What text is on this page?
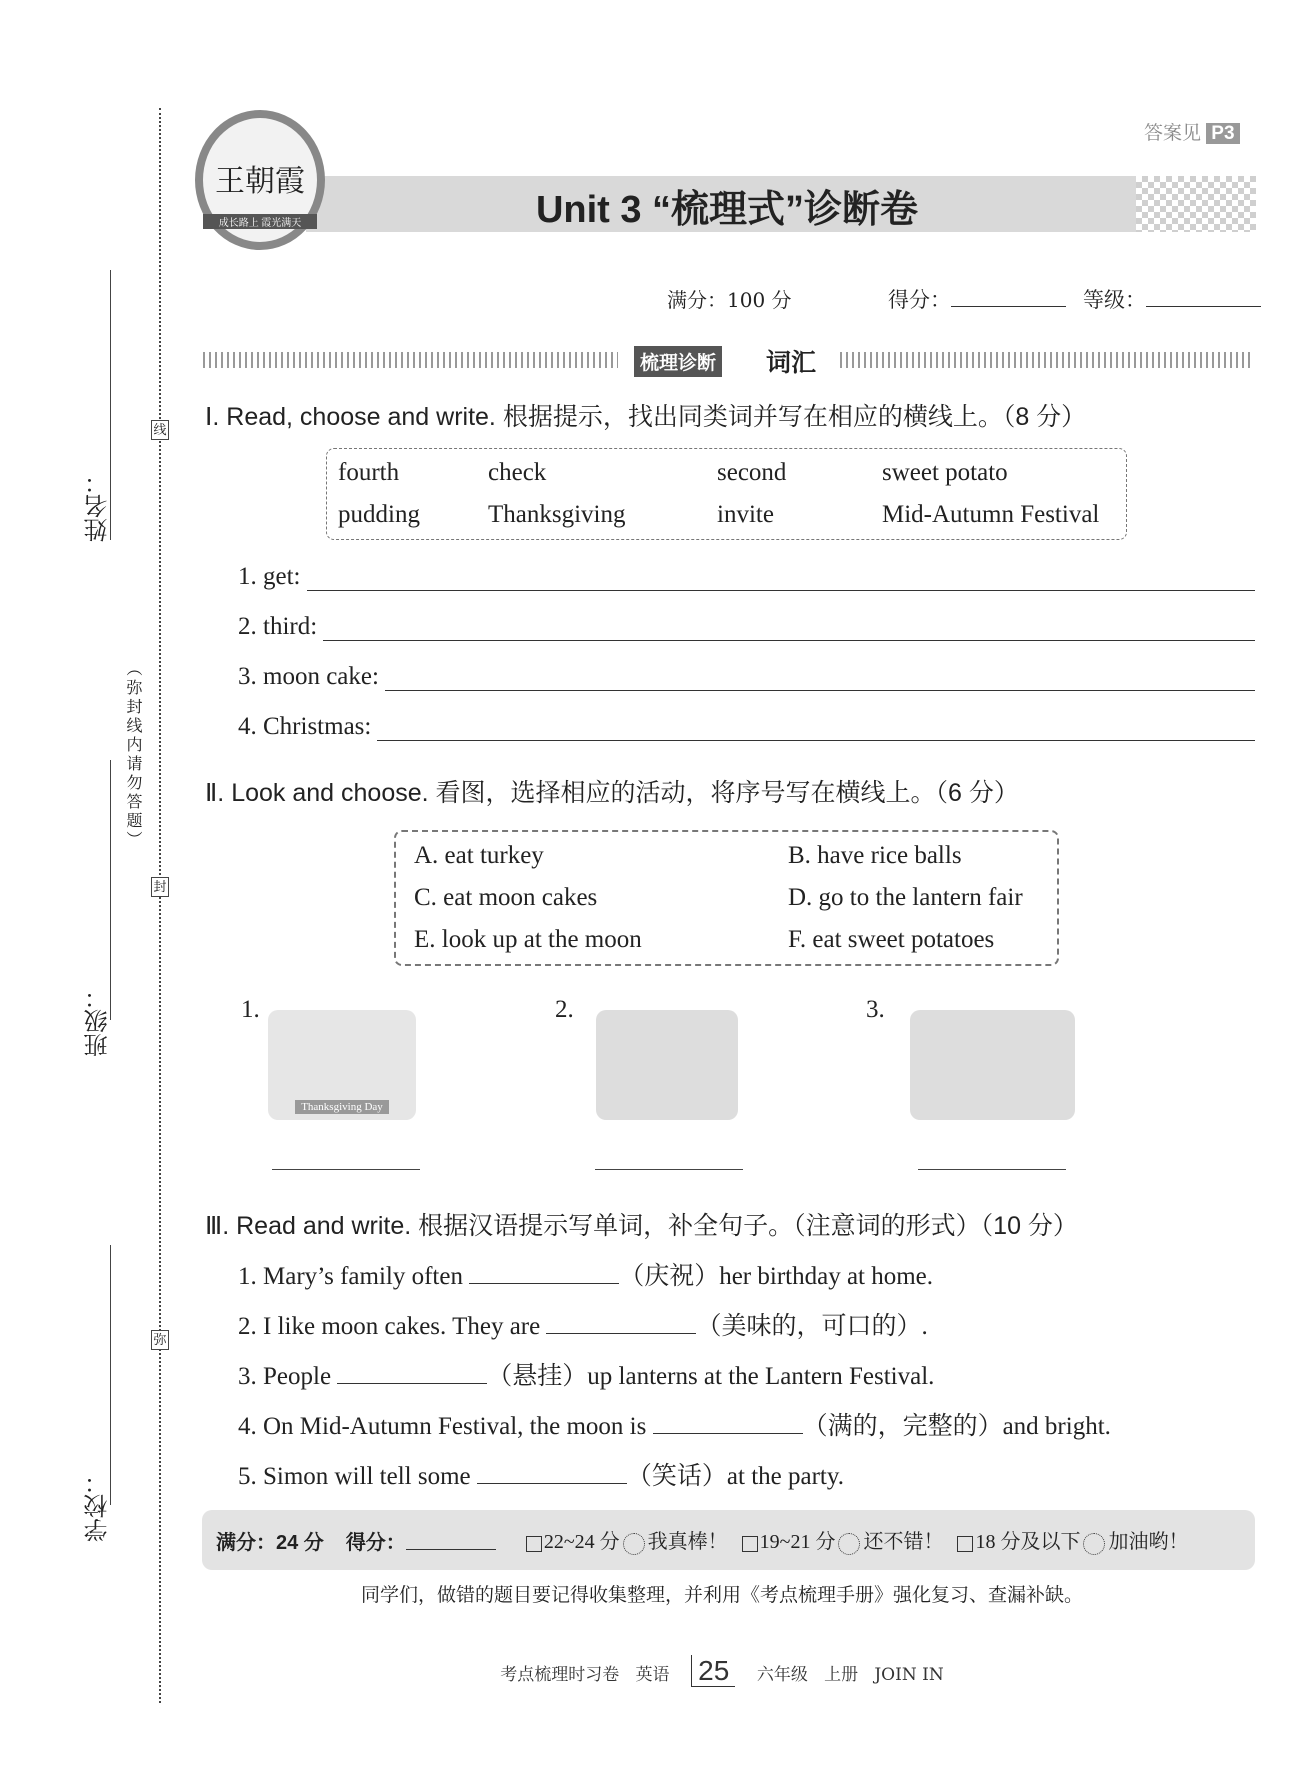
姓名：
班级：
学校：
线
封
弥
（弥封线内请勿答题）
王朝霞
成长路上 霞光满天	Unit 3 “梳理式”诊断卷
答案见 P3
满分：100 分	得分：	等级：
梳理诊断 词汇
Ⅰ. Read, choose and write. 根据提示，找出同类词并写在相应的横线上。（8 分）
fourth	check	second	sweet potato
pudding	Thanksgiving	invite	Mid-Autumn Festival
1. get:
2. third:
3. moon cake:
4. Christmas:
Ⅱ. Look and choose. 看图，选择相应的活动，将序号写在横线上。（6 分）
A. eat turkey	B. have rice balls
C. eat moon cakes	D. go to the lantern fair
E. look up at the moon	F. eat sweet potatoes
1.	2.	3.
Thanksgiving Day
Ⅲ. Read and write. 根据汉语提示写单词，补全句子。（注意词的形式）（10 分）
1. Mary’s family often	（庆祝）her birthday at home.
2. I like moon cakes. They are	（美味的，可口的）.
3. People	（悬挂）up lanterns at the Lantern Festival.
4. On Mid-Autumn Festival, the moon is	（满的，完整的）and bright.
5. Simon will tell some	（笑话）at the party.
满分：24 分 得分：	22~24 分 我真棒！	19~21 分 还不错！	18 分及以下 加油哟！
同学们，做错的题目要记得收集整理，并利用《考点梳理手册》强化复习、查漏补缺。
考点梳理时习卷 英语 25 六年级 上册 JOIN IN
